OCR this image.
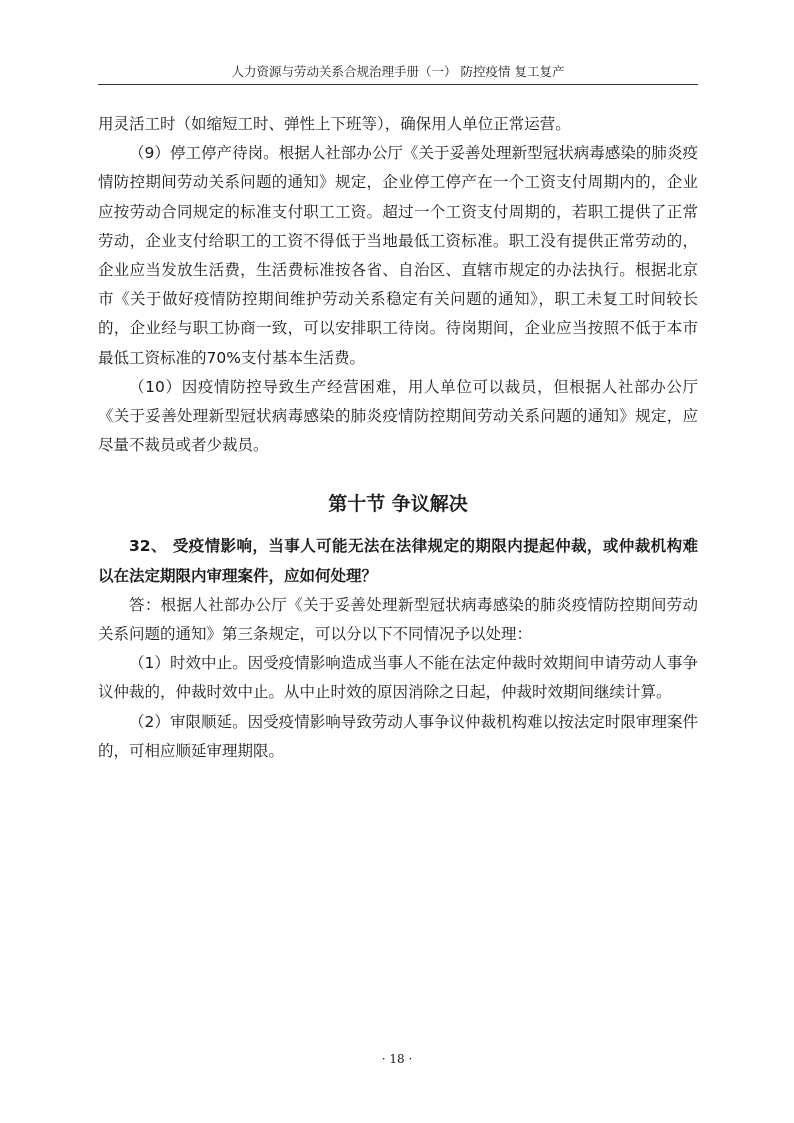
人力资源与劳动关系合规治理手册（一） 防控疫情 复工复产

用灵活工时（如缩短工时、弹性上下班等），确保用人单位正常运营。

（9）停工停产待岗。根据人社部办公厅《关于妥善处理新型冠状病毒感染的肺炎疫情防控期间劳动关系问题的通知》规定，企业停工停产在一个工资支付周期内的，企业应按劳动合同规定的标准支付职工工资。超过一个工资支付周期的，若职工提供了正常劳动，企业支付给职工的工资不得低于当地最低工资标准。职工没有提供正常劳动的，企业应当发放生活费，生活费标准按各省、自治区、直辖市规定的办法执行。根据北京市《关于做好疫情防控期间维护劳动关系稳定有关问题的通知》，职工未复工时间较长的，企业经与职工协商一致，可以安排职工待岗。待岗期间，企业应当按照不低于本市最低工资标准的70%支付基本生活费。

（10）因疫情防控导致生产经营困难，用人单位可以裁员，但根据人社部办公厅《关于妥善处理新型冠状病毒感染的肺炎疫情防控期间劳动关系问题的通知》规定，应尽量不裁员或者少裁员。

第十节 争议解决

32、 受疫情影响，当事人可能无法在法律规定的期限内提起仲裁，或仲裁机构难以在法定期限内审理案件，应如何处理？

答：根据人社部办公厅《关于妥善处理新型冠状病毒感染的肺炎疫情防控期间劳动关系问题的通知》第三条规定，可以分以下不同情况予以处理：

（1）时效中止。因受疫情影响造成当事人不能在法定仲裁时效期间申请劳动人事争议仲裁的，仲裁时效中止。从中止时效的原因消除之日起，仲裁时效期间继续计算。

（2）审限顺延。因受疫情影响导致劳动人事争议仲裁机构难以按法定时限审理案件的，可相应顺延审理期限。

· 18 ·
